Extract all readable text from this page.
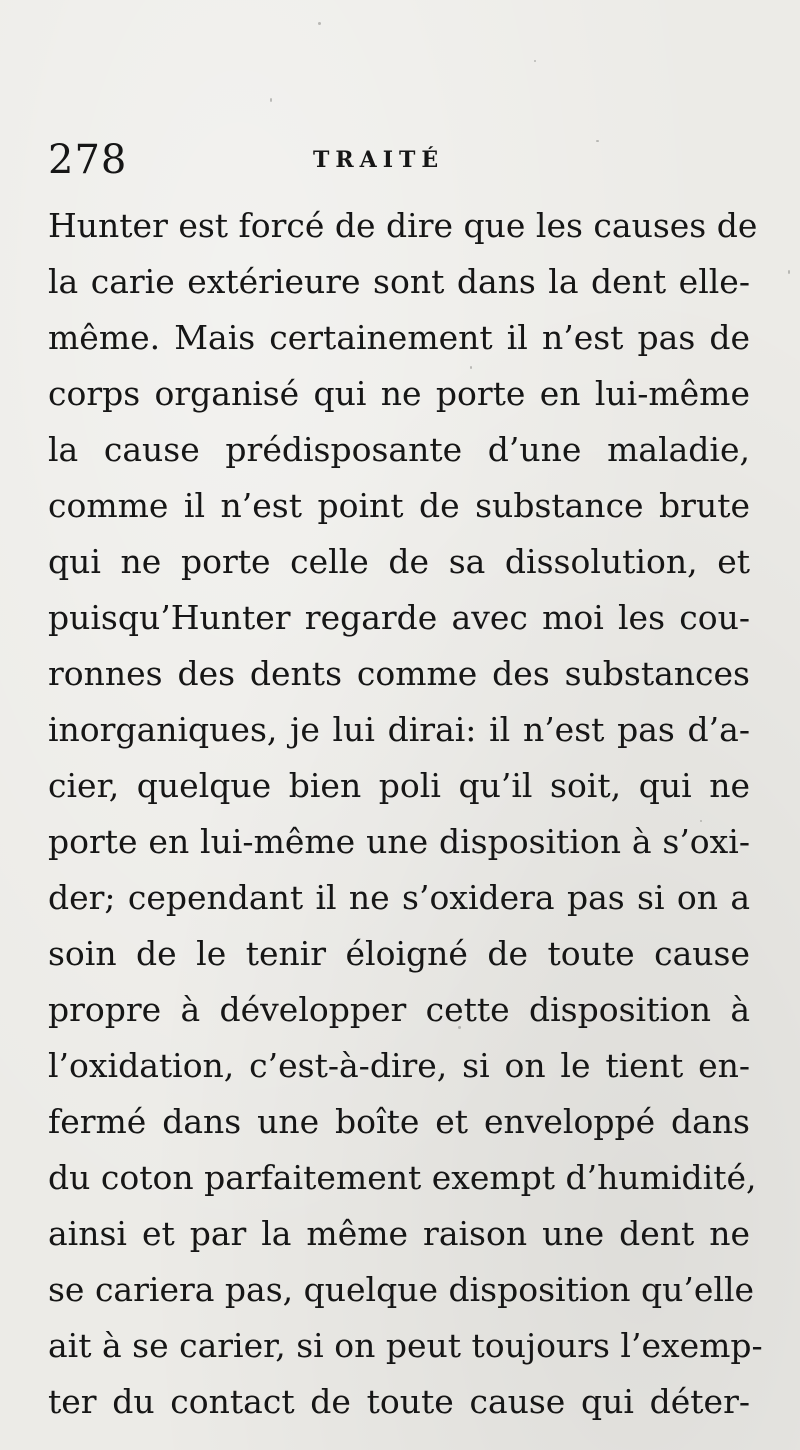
278	TRAITÉ
Hunter est forcé de dire que les causes de
la carie extérieure sont dans la dent elle-
même. Mais certainement il n’est pas de
corps organisé qui ne porte en lui-même
la cause prédisposante d’une maladie,
comme il n’est point de substance brute
qui ne porte celle de sa dissolution, et
puisqu’Hunter regarde avec moi les cou-
ronnes des dents comme des substances
inorganiques, je lui dirai: il n’est pas d’a-
cier, quelque bien poli qu’il soit, qui ne
porte en lui-même une disposition à s’oxi-
der; cependant il ne s’oxidera pas si on a
soin de le tenir éloigné de toute cause
propre à développer cette disposition à
l’oxidation, c’est-à-dire, si on le tient en-
fermé dans une boîte et enveloppé dans
du coton parfaitement exempt d’humidité,
ainsi et par la même raison une dent ne
se cariera pas, quelque disposition qu’elle
ait à se carier, si on peut toujours l’exemp-
ter du contact de toute cause qui déter-
